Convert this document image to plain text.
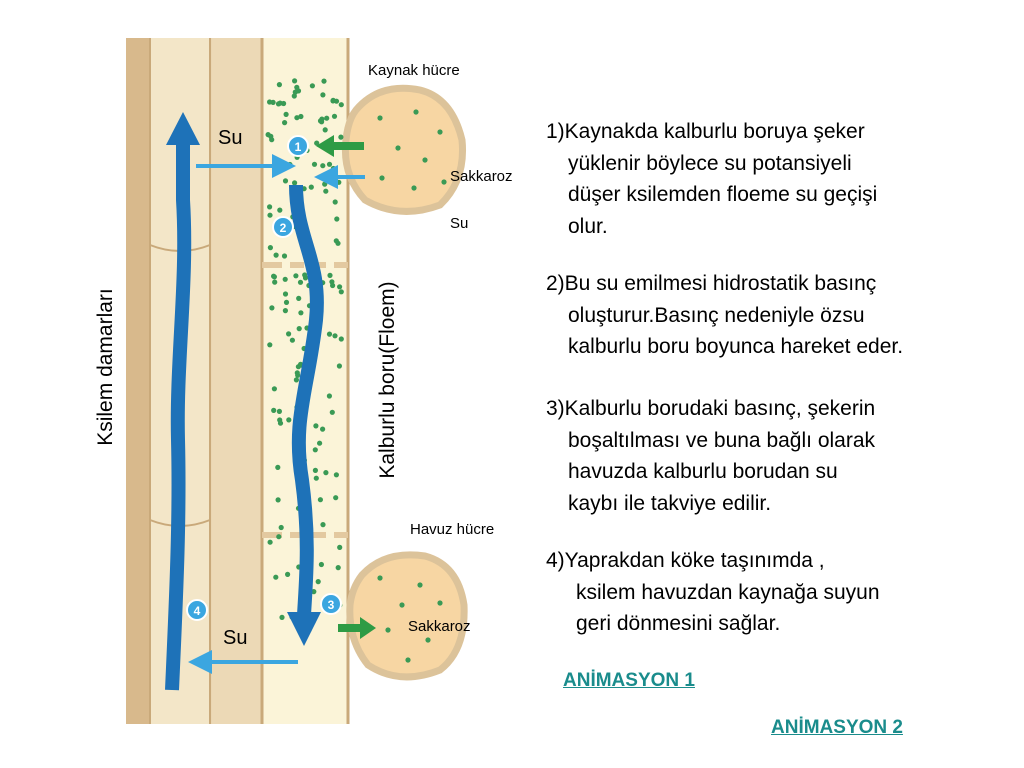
1
2
3
4
Kaynak hücre
Sakkaroz
Su
Havuz hücre
Sakkaroz
Su
Su
Ksilem damarları	Kalburlu boru(Floem)
1)Kaynakda kalburlu boruya şeker
yüklenir böylece su potansiyeli
düşer ksilemden floeme su geçişi
olur.
2)Bu su emilmesi hidrostatik basınç
oluşturur.Basınç nedeniyle özsu
kalburlu boru boyunca hareket eder.
3)Kalburlu borudaki basınç, şekerin
boşaltılması ve buna bağlı olarak
havuzda kalburlu borudan su
kaybı ile takviye edilir.
4)Yaprakdan köke taşınımda ,
ksilem havuzdan kaynağa suyun
geri dönmesini sağlar.
ANİMASYON 1
ANİMASYON 2
